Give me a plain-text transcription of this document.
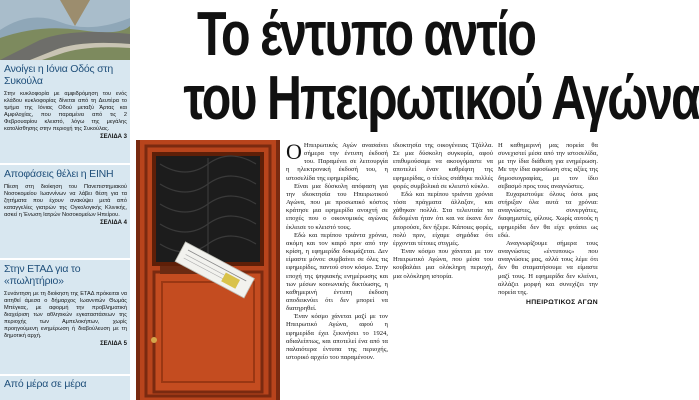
Ανοίγει η Ιόνια Οδός στη Συκούλα
Στην κυκλοφορία με αμφιδρόμηση του ενός κλάδου κυκλοφορίας δίνεται από τη Δευτέρα το τμήμα της Ιόνιας Οδού μεταξύ Άρτας και Αμφιλοχίας, που παραμένει από τις 2 Φεβρουαρίου κλειστό, λόγω της μεγάλης κατολίσθησης στην περιοχή της Συκούλας.
ΣΕΛΙΔΑ 3
Αποφάσεις θέλει η ΕΙΝΗ
Πίεση στη διοίκηση του Πανεπιστημιακού Νοσοκομείου Ιωαννίνων να λάβει θέση για τα ζητήματα που έχουν ανακύψει μετά από καταγγελίες γιατρών της Ογκολογικής Κλινικής, ασκεί η Ένωση Ιατρών Νοσοκομείων Ηπείρου.
ΣΕΛΙΔΑ 4
Στην ΕΤΑΔ για το «πωλητήριο»
Συνάντηση με τη διοίκηση της ΕΤΑΔ πρόκειται να αιτηθεί άμεσα ο δήμαρχος Ιωαννιτών Θωμάς Μπέγκας, με αφορμή την προβληματική διαχείριση των αθλητικών εγκαταστάσεων της περιοχής των Αμπελοκήπων, χωρίς προηγούμενη ενημέρωση ή διαβούλευση με τη δημοτική αρχή.
ΣΕΛΙΔΑ 5
Από μέρα σε μέρα
Το έντυπο αντίο
του Ηπειρωτικού Αγώνα

Ο Ηπειρωτικός Αγών ανασαίνει σήμερα την έντυπη έκδοσή του. Παραμένει σε λειτουργία η ηλεκτρονική έκδοσή του, η ιστοσελίδα της εφημερίδας.

Είναι μια δύσκολη απόφαση για την ιδιοκτησία του Ηπειρωτικού Αγώνα, που με προσωπικό κόστος κράτησε μια εφημερίδα ανοιχτή σε εποχές που ο οικονομικός αγώνας έκλεισε το κλειστό τους.

Εδώ και περίπου τριάντα χρόνια, ακόμη και τον καιρό πριν από την κρίση, η εφημερίδα δοκιμάζεται. Δεν είμαστε μόνοι: συμβαίνει σε όλες τις εφημερίδες, παντού στον κόσμο. Στην εποχή της ψηφιακής ενημέρωσης και των μέσων κοινωνικής δικτύωσης, η καθημερινή έντυπη έκδοση αποδεικνύει ότι δεν μπορεί να διατηρηθεί.

Έναν κόσμο χάνεται μαζί με τον Ηπειρωτικό Αγώνα, αφού η εφημερίδα έχει ξεκινήσει το 1924, αδιαλείπτως, και αποτελεί ένα από τα παλαιότερα έντυπα της περιοχής, ιστορικό αρχείο του παραμένουν.

ιδιοκτησία της οικογένειας Τζάλλα. Σε μια δύσκολη συγκυρία, αφού επιθυμούσαμε να ακουγόμαστε να αποτελεί έναν καθρέφτη της εφημερίδας, ο τίτλος στάθηκε πολλές φορές συμβολικά σε κλειστό κύκλο.

Εδώ και περίπου τριάντα χρόνια τόσα πράγματα άλλαξαν, και χάθηκαν πολλά. Στα τελευταία τα δεδομένα ήταν ότι και να έκανε δεν μπορούσε, δεν ήξερε. Κάποιες φορές, πολύ πριν, είχαμε σημάδια ότι έρχονται τέτοιες στιγμές.

Έναν κόσμο που χάνεται με τον Ηπειρωτικό Αγώνα, που μέσα του κουβαλάει μια ολόκληρη περιοχή, μια ολόκληρη ιστορία.

Η καθημερινή μας πορεία θα συνεχιστεί μέσα από την ιστοσελίδα, με την ίδια διάθεση για ενημέρωση. Με την ίδια αφοσίωση στις αξίες της δημοσιογραφίας, με τον ίδιο σεβασμό προς τους αναγνώστες.

Ευχαριστούμε όλους όσοι μας στήριξαν όλα αυτά τα χρόνια: αναγνώστες, συνεργάτες, διαφημιστές, φίλους. Χωρίς αυτούς η εφημερίδα δεν θα είχε φτάσει ως εδώ.

Αναγνωρίζουμε σήμερα τους αναγνώστες «έντυπους» που αναγνώσεις μας, αλλά τους λέμε ότι δεν θα σταματήσουμε να είμαστε μαζί τους. Η εφημερίδα δεν κλείνει, αλλάζει μορφή και συνεχίζει την πορεία της.

ΗΠΕΙΡΩΤΙΚΟΣ ΑΓΩΝ
